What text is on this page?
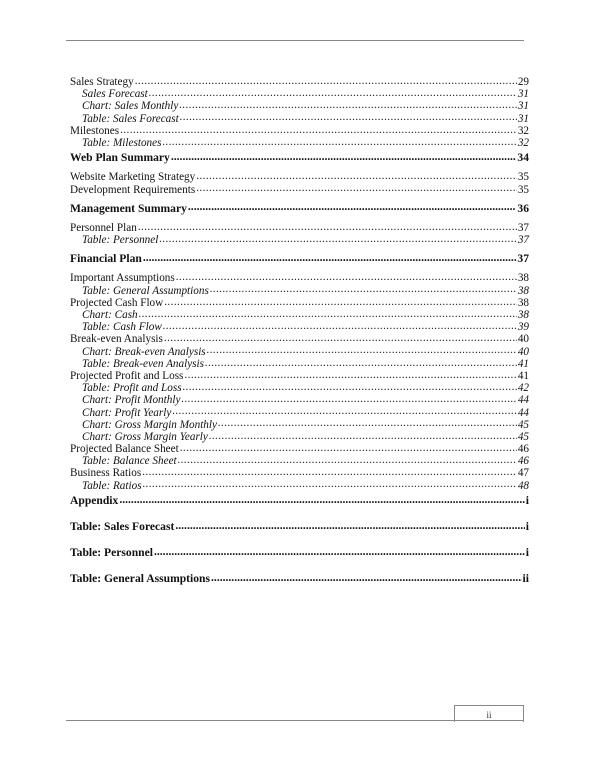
Sales Strategy .....	29
Sales Forecast .....	31
Chart: Sales Monthly .....	31
Table: Sales Forecast .....	31
Milestones .....	32
Table: Milestones .....	32
Web Plan Summary .....	34
Website Marketing Strategy .....	35
Development Requirements .....	35
Management Summary .....	36
Personnel Plan .....	37
Table: Personnel .....	37
Financial Plan .....	37
Important Assumptions .....	38
Table: General Assumptions .....	38
Projected Cash Flow .....	38
Chart: Cash .....	38
Table: Cash Flow .....	39
Break-even Analysis .....	40
Chart: Break-even Analysis .....	40
Table: Break-even Analysis .....	41
Projected Profit and Loss .....	41
Table: Profit and Loss .....	42
Chart: Profit Monthly .....	44
Chart: Profit Yearly .....	44
Chart: Gross Margin Monthly .....	45
Chart: Gross Margin Yearly .....	45
Projected Balance Sheet .....	46
Table: Balance Sheet .....	46
Business Ratios .....	47
Table: Ratios .....	48
Appendix .....	i
Table: Sales Forecast .....	i
Table: Personnel .....	i
Table: General Assumptions .....	ii
ii
